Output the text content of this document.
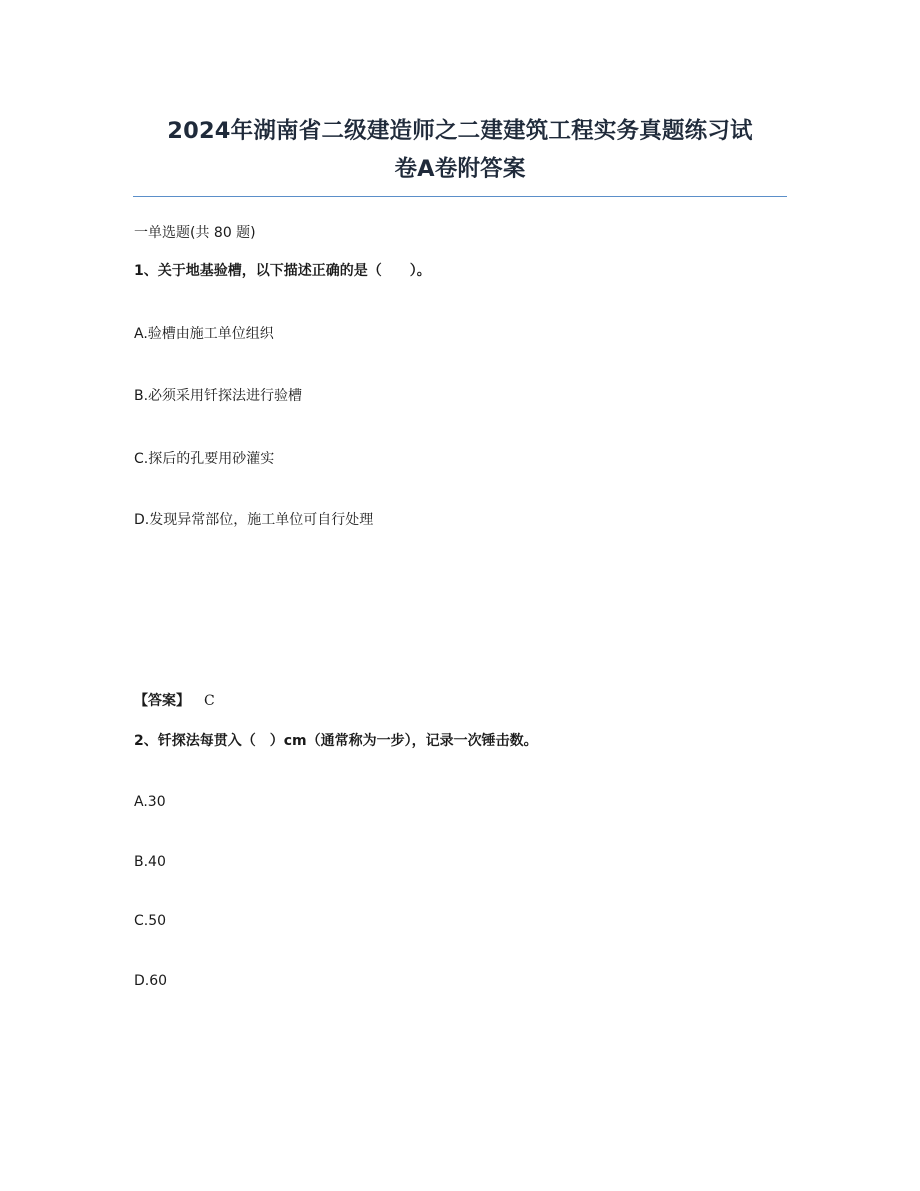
2024年湖南省二级建造师之二建建筑工程实务真题练习试
卷A卷附答案
一单选题(共 80 题)
1、关于地基验槽，以下描述正确的是（　　）。
A.验槽由施工单位组织
B.必须采用钎探法进行验槽
C.探后的孔要用砂灌实
D.发现异常部位，施工单位可自行处理
【答案】 C
2、钎探法每贯入（　）cm（通常称为一步），记录一次锤击数。
A.30
B.40
C.50
D.60
